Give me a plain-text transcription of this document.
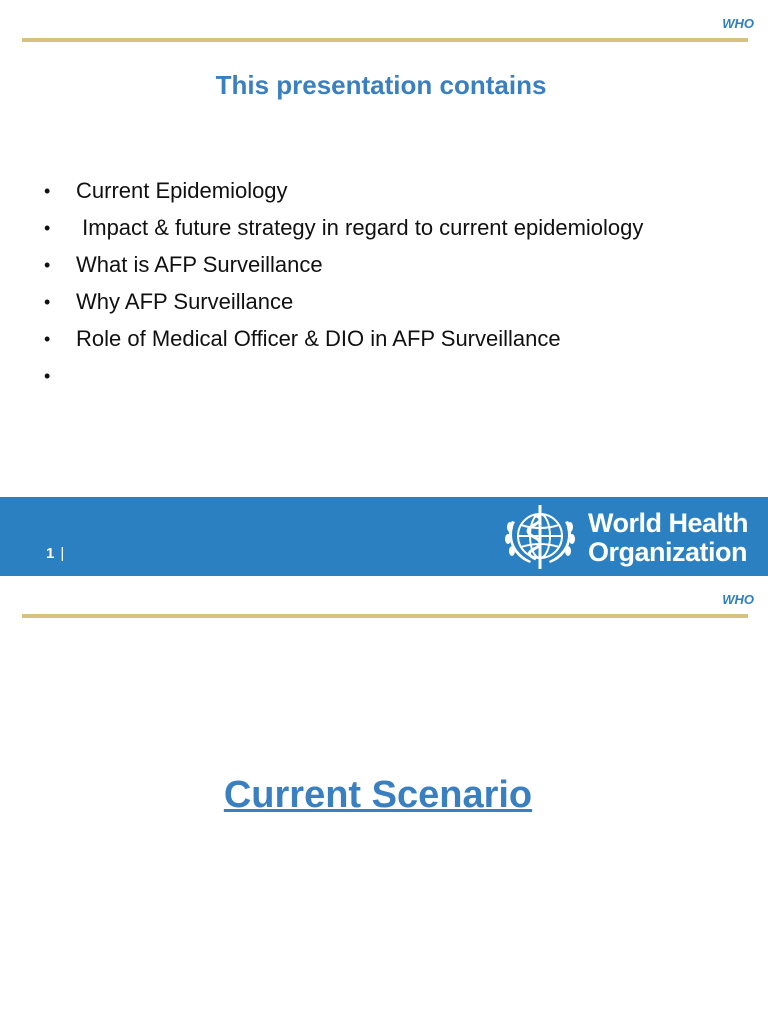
WHO
This presentation contains
• Current Epidemiology
• Impact & future strategy in regard to current epidemiology
• What is AFP Surveillance
• Why AFP Surveillance
• Role of Medical Officer & DIO in AFP Surveillance
•
1 |
World Health
Organization
WHO
Current Scenario
